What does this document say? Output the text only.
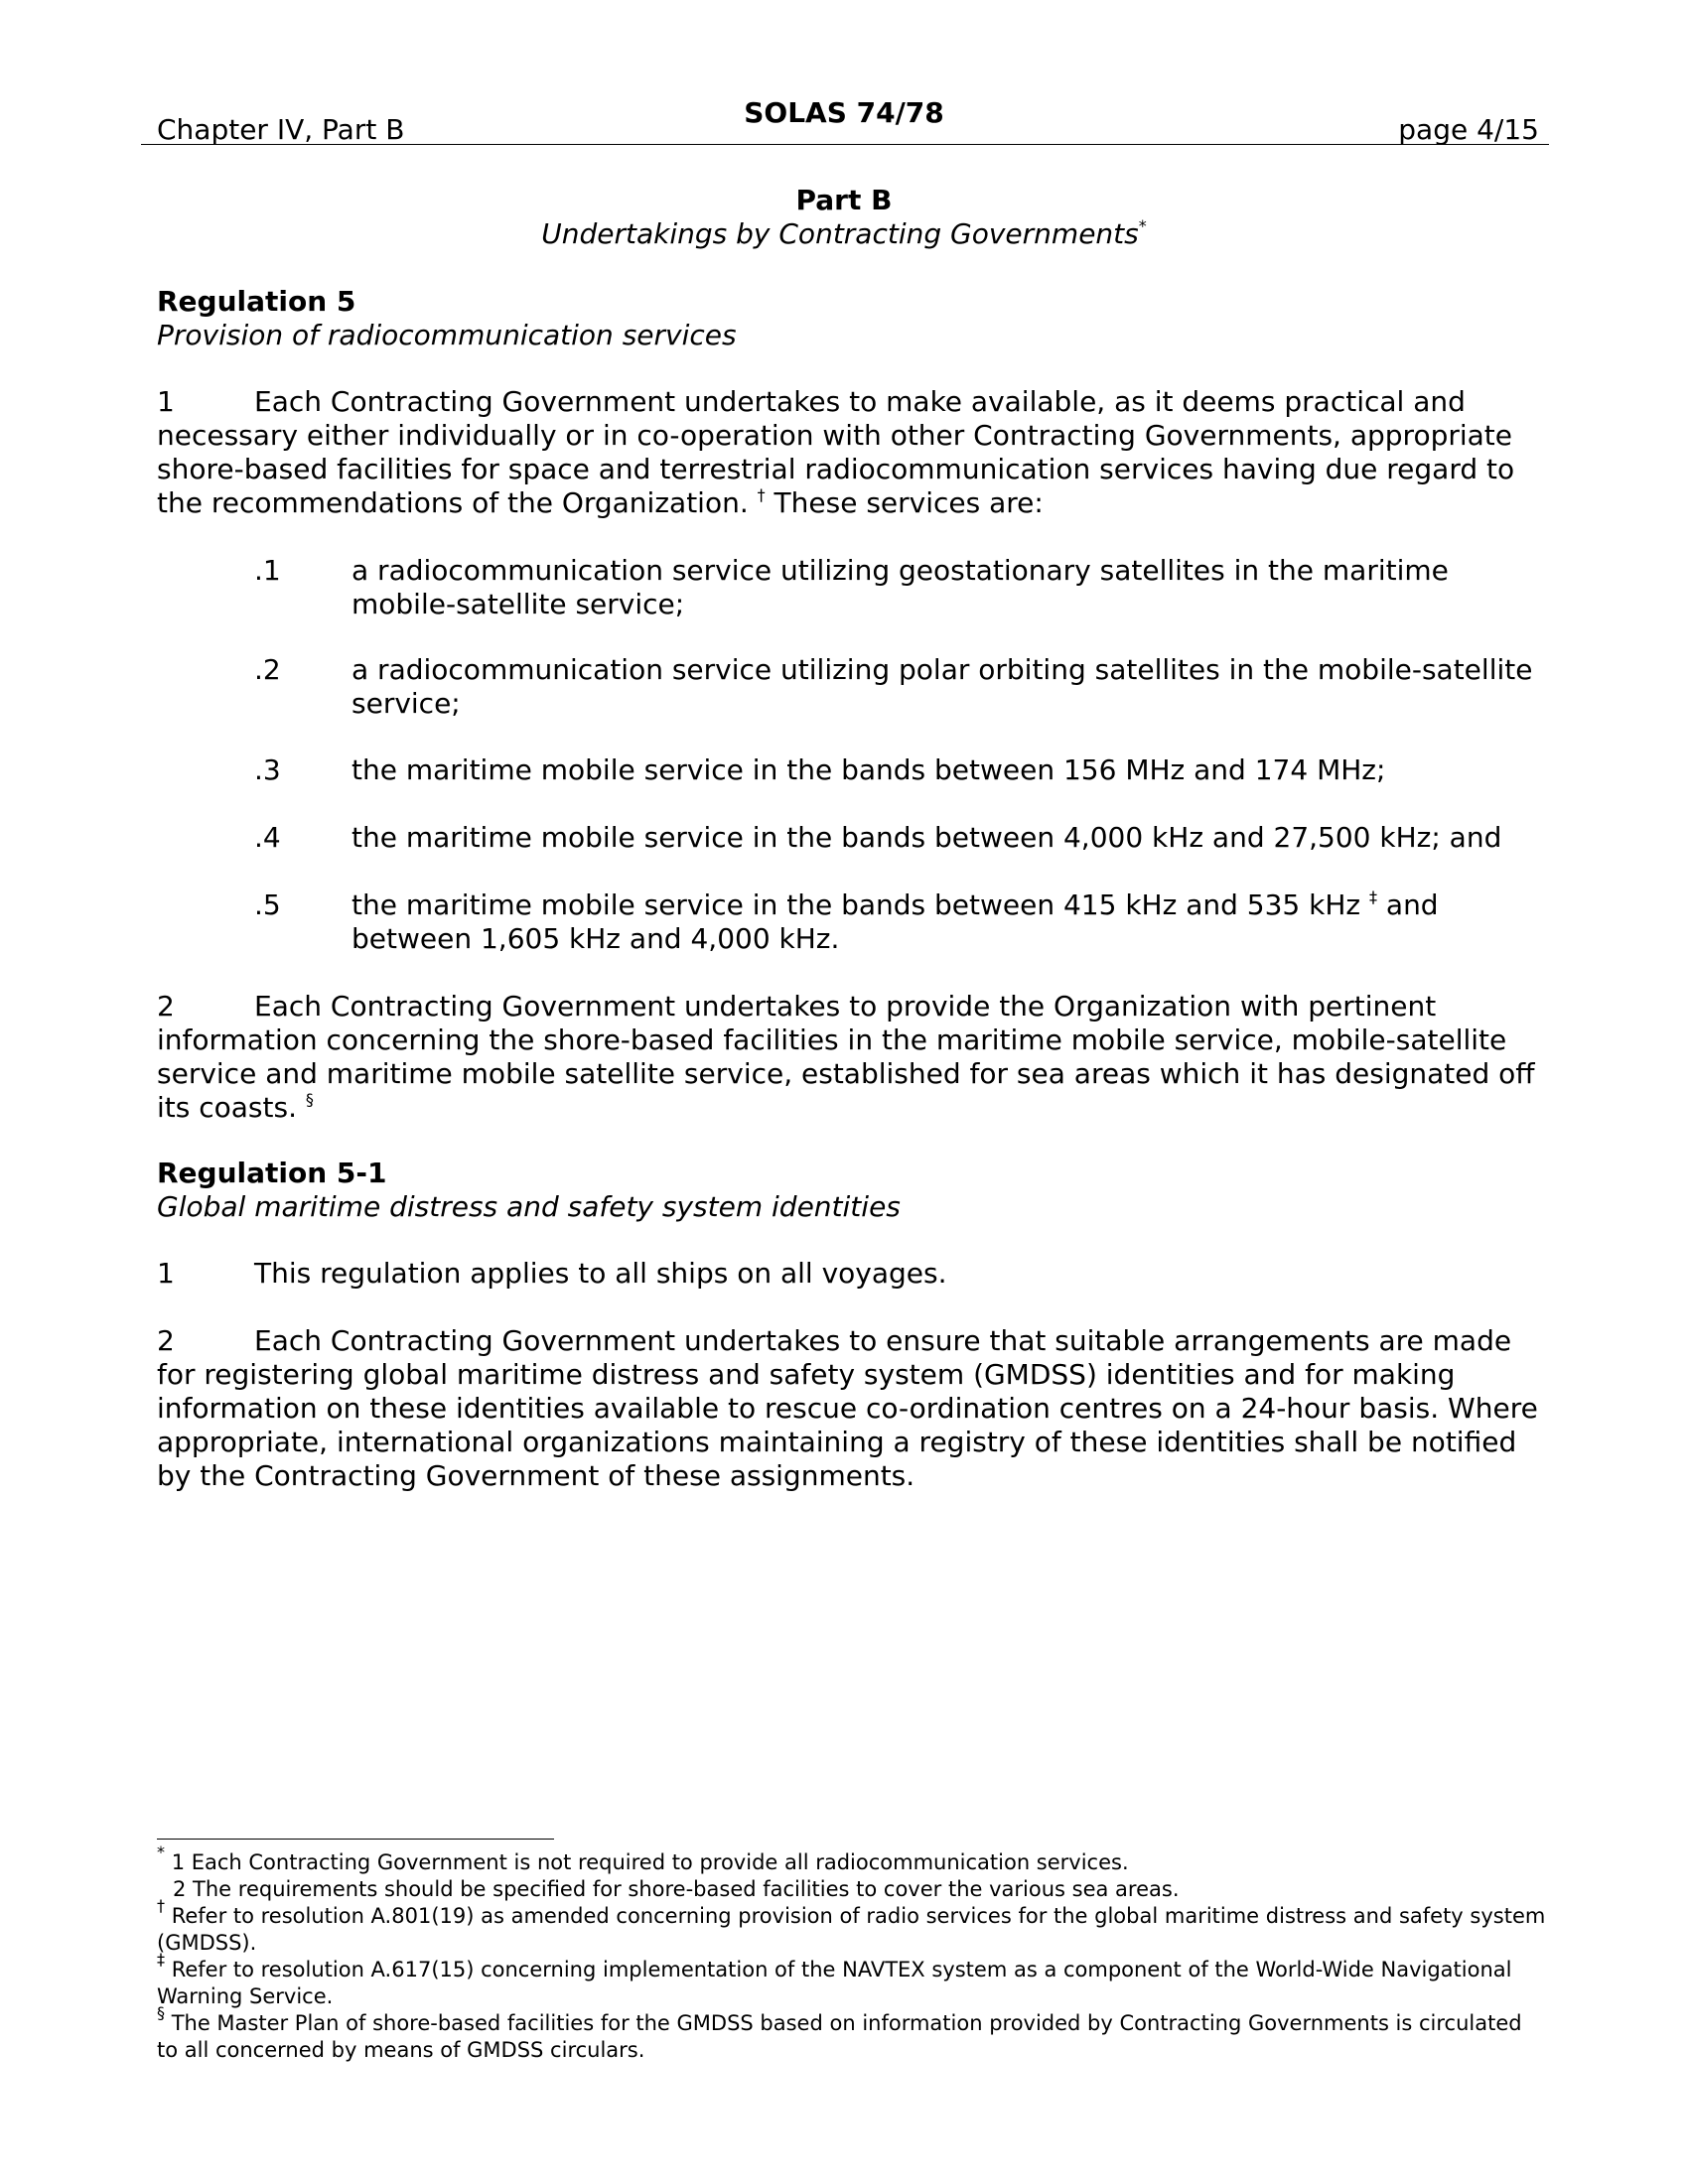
Chapter IV, Part B
SOLAS 74/78
page 4/15
Part B
Undertakings by Contracting Governments*
Regulation 5
Provision of radiocommunication services
1	Each Contracting Government undertakes to make available, as it deems practical and necessary either individually or in co-operation with other Contracting Governments, appropriate shore-based facilities for space and terrestrial radiocommunication services having due regard to the recommendations of the Organization. † These services are:
.1	a radiocommunication service utilizing geostationary satellites in the maritime mobile-satellite service;
.2	a radiocommunication service utilizing polar orbiting satellites in the mobile-satellite service;
.3	the maritime mobile service in the bands between 156 MHz and 174 MHz;
.4	the maritime mobile service in the bands between 4,000 kHz and 27,500 kHz; and
.5	the maritime mobile service in the bands between 415 kHz and 535 kHz ‡ and between 1,605 kHz and 4,000 kHz.
2	Each Contracting Government undertakes to provide the Organization with pertinent information concerning the shore-based facilities in the maritime mobile service, mobile-satellite service and maritime mobile satellite service, established for sea areas which it has designated off its coasts. §
Regulation 5-1
Global maritime distress and safety system identities
1	This regulation applies to all ships on all voyages.
2	Each Contracting Government undertakes to ensure that suitable arrangements are made for registering global maritime distress and safety system (GMDSS) identities and for making information on these identities available to rescue co-ordination centres on a 24-hour basis. Where appropriate, international organizations maintaining a registry of these identities shall be notified by the Contracting Government of these assignments.
* 1 Each Contracting Government is not required to provide all radiocommunication services.
2 The requirements should be specified for shore-based facilities to cover the various sea areas.
† Refer to resolution A.801(19) as amended concerning provision of radio services for the global maritime distress and safety system (GMDSS).
‡ Refer to resolution A.617(15) concerning implementation of the NAVTEX system as a component of the World-Wide Navigational Warning Service.
§ The Master Plan of shore-based facilities for the GMDSS based on information provided by Contracting Governments is circulated to all concerned by means of GMDSS circulars.
